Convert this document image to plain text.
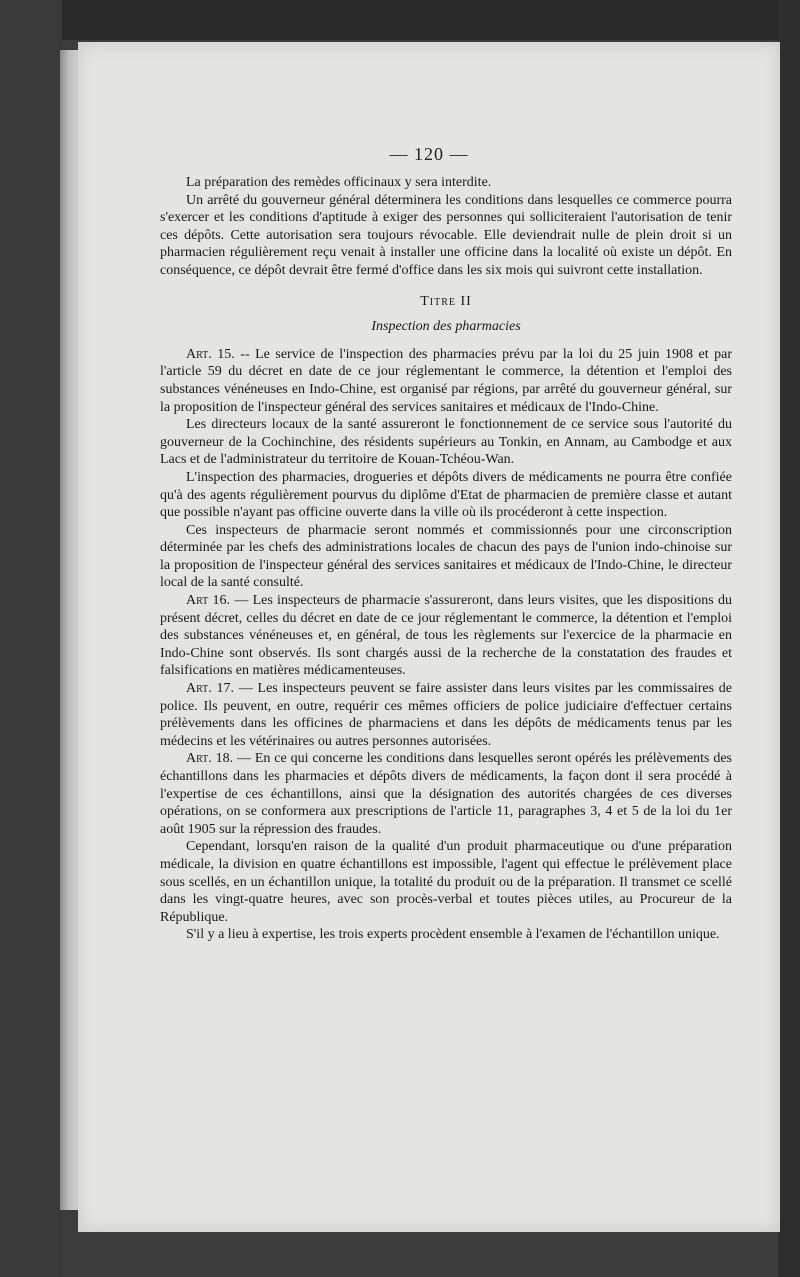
— 120 —

La préparation des remèdes officinaux y sera interdite.

Un arrêté du gouverneur général déterminera les conditions dans lesquelles ce commerce pourra s'exercer et les conditions d'aptitude à exiger des personnes qui solliciteraient l'autorisation de tenir ces dépôts. Cette autorisation sera toujours révocable. Elle deviendrait nulle de plein droit si un pharmacien régulièrement reçu venait à installer une officine dans la localité où existe un dépôt. En conséquence, ce dépôt devrait être fermé d'office dans les six mois qui suivront cette installation.

Titre II

Inspection des pharmacies

Art. 15. -- Le service de l'inspection des pharmacies prévu par la loi du 25 juin 1908 et par l'article 59 du décret en date de ce jour réglementant le commerce, la détention et l'emploi des substances vénéneuses en Indo-Chine, est organisé par régions, par arrêté du gouverneur général, sur la proposition de l'inspecteur général des services sanitaires et médicaux de l'Indo-Chine.

Les directeurs locaux de la santé assureront le fonctionnement de ce service sous l'autorité du gouverneur de la Cochinchine, des résidents supérieurs au Tonkin, en Annam, au Cambodge et aux Lacs et de l'administrateur du territoire de Kouan-Tchéou-Wan.

L'inspection des pharmacies, drogueries et dépôts divers de médicaments ne pourra être confiée qu'à des agents régulièrement pourvus du diplôme d'Etat de pharmacien de première classe et autant que possible n'ayant pas officine ouverte dans la ville où ils procéderont à cette inspection.

Ces inspecteurs de pharmacie seront nommés et commissionnés pour une circonscription déterminée par les chefs des administrations locales de chacun des pays de l'union indo-chinoise sur la proposition de l'inspecteur général des services sanitaires et médicaux de l'Indo-Chine, le directeur local de la santé consulté.

Art 16. — Les inspecteurs de pharmacie s'assureront, dans leurs visites, que les dispositions du présent décret, celles du décret en date de ce jour réglementant le commerce, la détention et l'emploi des substances vénéneuses et, en général, de tous les règlements sur l'exercice de la pharmacie en Indo-Chine sont observés. Ils sont chargés aussi de la recherche de la constatation des fraudes et falsifications en matières médicamenteuses.

Art. 17. — Les inspecteurs peuvent se faire assister dans leurs visites par les commissaires de police. Ils peuvent, en outre, requérir ces mêmes officiers de police judiciaire d'effectuer certains prélèvements dans les officines de pharmaciens et dans les dépôts de médicaments tenus par les médecins et les vétérinaires ou autres personnes autorisées.

Art. 18. — En ce qui concerne les conditions dans lesquelles seront opérés les prélèvements des échantillons dans les pharmacies et dépôts divers de médicaments, la façon dont il sera procédé à l'expertise de ces échantillons, ainsi que la désignation des autorités chargées de ces diverses opérations, on se conformera aux prescriptions de l'article 11, paragraphes 3, 4 et 5 de la loi du 1er août 1905 sur la répression des fraudes.

Cependant, lorsqu'en raison de la qualité d'un produit pharmaceutique ou d'une préparation médicale, la division en quatre échantillons est impossible, l'agent qui effectue le prélèvement place sous scellés, en un échantillon unique, la totalité du produit ou de la préparation. Il transmet ce scellé dans les vingt-quatre heures, avec son procès-verbal et toutes pièces utiles, au Procureur de la République.

S'il y a lieu à expertise, les trois experts procèdent ensemble à l'examen de l'échantillon unique.
